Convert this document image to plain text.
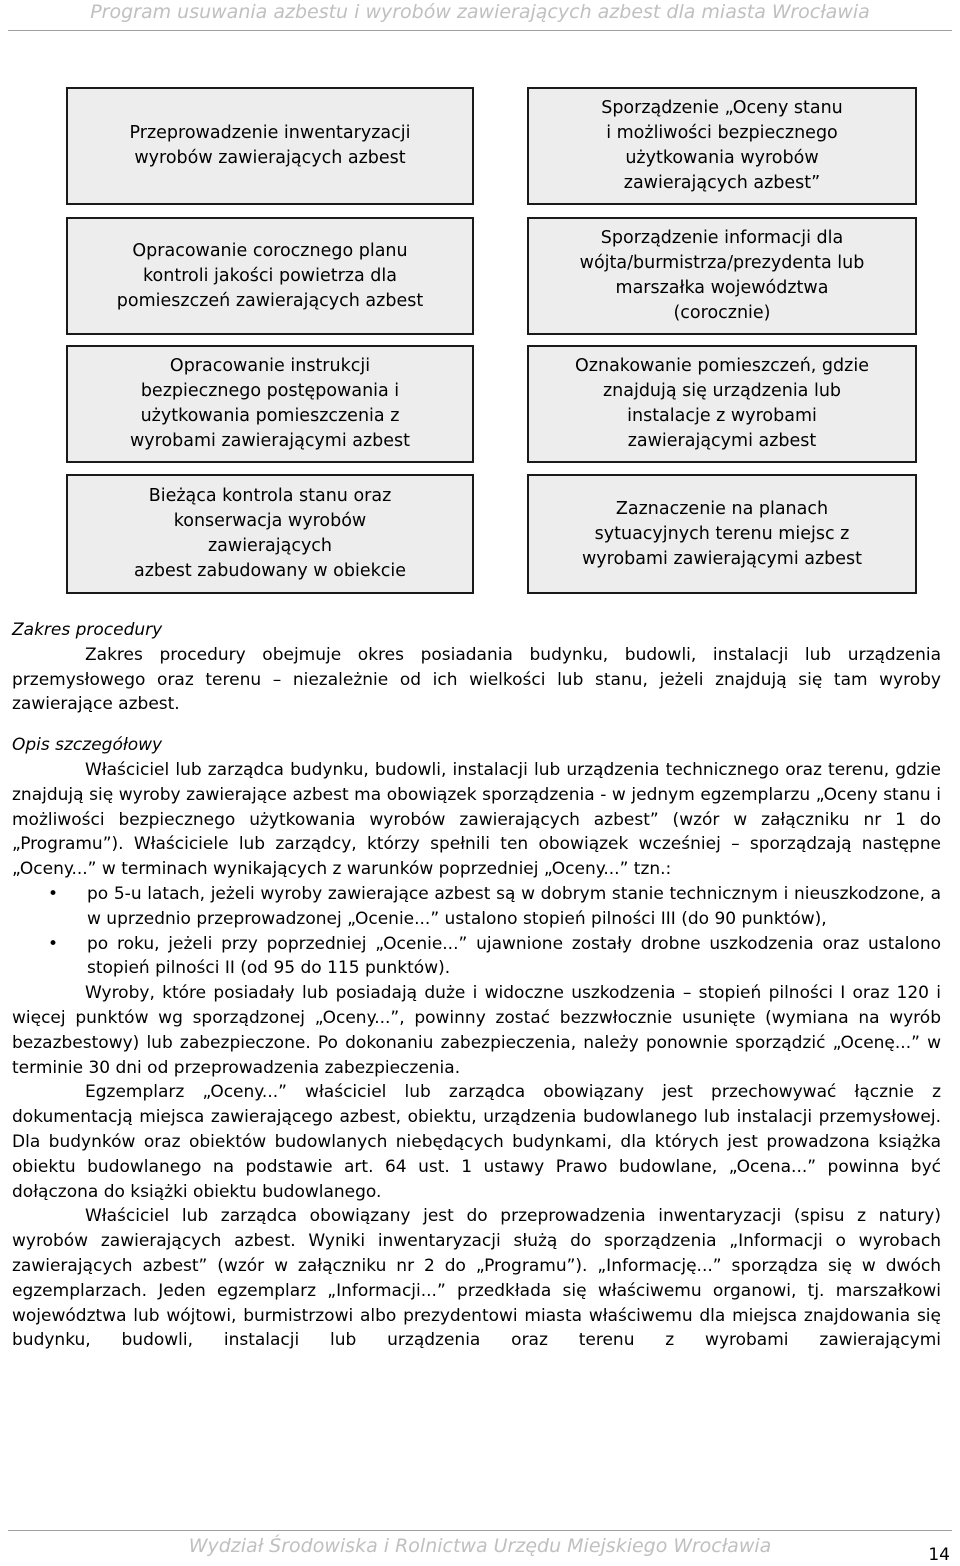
Program usuwania azbestu i wyrobów zawierających azbest dla miasta Wrocławia
Przeprowadzenie inwentaryzacji
wyrobów zawierających azbest
Opracowanie corocznego planu
kontroli jakości powietrza dla
pomieszczeń zawierających azbest
Opracowanie instrukcji
bezpiecznego postępowania i
użytkowania pomieszczenia z
wyrobami zawierającymi azbest
Bieżąca kontrola stanu oraz
konserwacja wyrobów
zawierających
azbest zabudowany w obiekcie
Sporządzenie „Oceny stanu
i możliwości bezpiecznego
użytkowania wyrobów
zawierających azbest”
Sporządzenie informacji dla
wójta/burmistrza/prezydenta lub
marszałka województwa
(corocznie)
Oznakowanie pomieszczeń, gdzie
znajdują się urządzenia lub
instalacje z wyrobami
zawierającymi azbest
Zaznaczenie na planach
sytuacyjnych terenu miejsc z
wyrobami zawierającymi azbest

Zakres procedury

Zakres procedury obejmuje okres posiadania budynku, budowli, instalacji lub urządzenia przemysłowego oraz terenu – niezależnie od ich wielkości lub stanu, jeżeli znajdują się tam wyroby zawierające azbest.

Opis szczegółowy

Właściciel lub zarządca budynku, budowli, instalacji lub urządzenia technicznego oraz terenu, gdzie znajdują się wyroby zawierające azbest ma obowiązek sporządzenia - w jednym egzemplarzu „Oceny stanu i możliwości bezpiecznego użytkowania wyrobów zawierających azbest” (wzór w załączniku nr 1 do „Programu”). Właściciele lub zarządcy, którzy spełnili ten obowiązek wcześniej – sporządzają następne „Oceny...” w terminach wynikających z warunków poprzedniej „Oceny...” tzn.:

• po 5-u latach, jeżeli wyroby zawierające azbest są w dobrym stanie technicznym i nieuszkodzone, a w uprzednio przeprowadzonej „Ocenie...” ustalono stopień pilności III (do 90 punktów),
• po roku, jeżeli przy poprzedniej „Ocenie...” ujawnione zostały drobne uszkodzenia oraz ustalono stopień pilności II (od 95 do 115 punktów).

Wyroby, które posiadały lub posiadają duże i widoczne uszkodzenia – stopień pilności I oraz 120 i więcej punktów wg sporządzonej „Oceny...”, powinny zostać bezzwłocznie usunięte (wymiana na wyrób bezazbestowy) lub zabezpieczone. Po dokonaniu zabezpieczenia, należy ponownie sporządzić „Ocenę...” w terminie 30 dni od przeprowadzenia zabezpieczenia.

Egzemplarz „Oceny...” właściciel lub zarządca obowiązany jest przechowywać łącznie z dokumentacją miejsca zawierającego azbest, obiektu, urządzenia budowlanego lub instalacji przemysłowej. Dla budynków oraz obiektów budowlanych niebędących budynkami, dla których jest prowadzona książka obiektu budowlanego na podstawie art. 64 ust. 1 ustawy Prawo budowlane, „Ocena...” powinna być dołączona do książki obiektu budowlanego.

Właściciel lub zarządca obowiązany jest do przeprowadzenia inwentaryzacji (spisu z natury) wyrobów zawierających azbest. Wyniki inwentaryzacji służą do sporządzenia „Informacji o wyrobach zawierających azbest” (wzór w załączniku nr 2 do „Programu”). „Informację...” sporządza się w dwóch egzemplarzach. Jeden egzemplarz „Informacji...” przedkłada się właściwemu organowi, tj. marszałkowi województwa lub wójtowi, burmistrzowi albo prezydentowi miasta właściwemu dla miejsca znajdowania się budynku, budowli, instalacji lub urządzenia oraz terenu z wyrobami zawierającymi

Wydział Środowiska i Rolnictwa Urzędu Miejskiego Wrocławia	14
